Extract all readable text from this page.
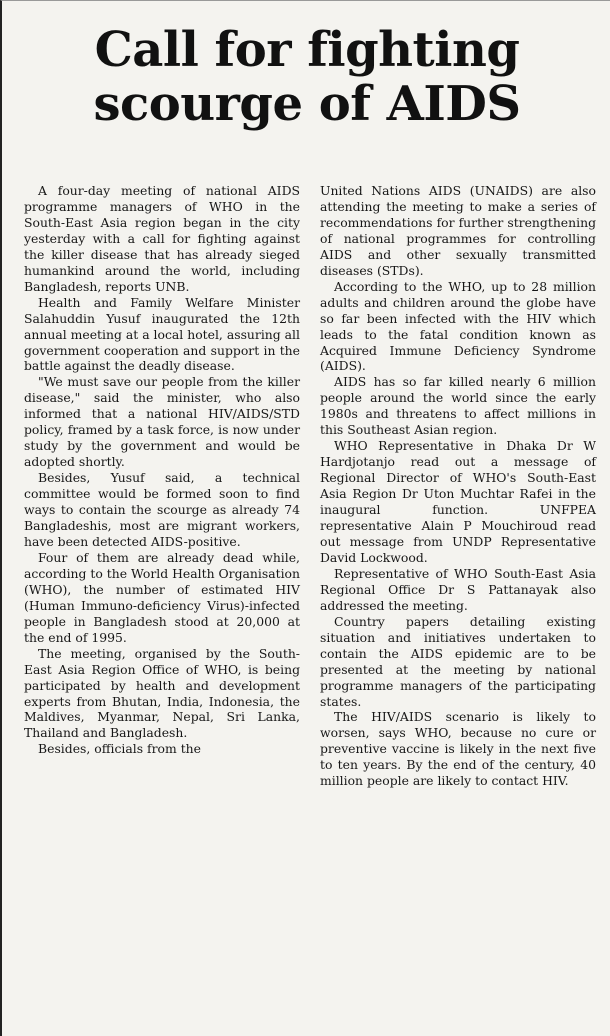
Call for fighting
scourge of AIDS

A four-day meeting of national AIDS programme managers of WHO in the South-East Asia region began in the city yesterday with a call for fighting against the killer disease that has already sieged humankind around the world, including Bangladesh, reports UNB.

Health and Family Welfare Minister Salahuddin Yusuf inaugurated the 12th annual meeting at a local hotel, assuring all government cooperation and support in the battle against the deadly disease.

"We must save our people from the killer disease," said the minister, who also informed that a national HIV/AIDS/STD policy, framed by a task force, is now under study by the government and would be adopted shortly.

Besides, Yusuf said, a technical committee would be formed soon to find ways to contain the scourge as already 74 Bangladeshis, most are migrant workers, have been detected AIDS-positive.

Four of them are already dead while, according to the World Health Organisation (WHO), the number of estimated HIV (Human Immuno-deficiency Virus)-infected people in Bangladesh stood at 20,000 at the end of 1995.

The meeting, organised by the South-East Asia Region Office of WHO, is being participated by health and development experts from Bhutan, India, Indonesia, the Maldives, Myanmar, Nepal, Sri Lanka, Thailand and Bangladesh.

Besides, officials from the

United Nations AIDS (UNAIDS) are also attending the meeting to make a series of recommendations for further strengthening of national programmes for controlling AIDS and other sexually transmitted diseases (STDs).

According to the WHO, up to 28 million adults and children around the globe have so far been infected with the HIV which leads to the fatal condition known as Acquired Immune Deficiency Syndrome (AIDS).

AIDS has so far killed nearly 6 million people around the world since the early 1980s and threatens to affect millions in this Southeast Asian region.

WHO Representative in Dhaka Dr W Hardjotanjo read out a message of Regional Director of WHO's South-East Asia Region Dr Uton Muchtar Rafei in the inaugural function. UNFPEA representative Alain P Mouchiroud read out message from UNDP Representative David Lockwood.

Representative of WHO South-East Asia Regional Office Dr S Pattanayak also addressed the meeting.

Country papers detailing existing situation and initiatives undertaken to contain the AIDS epidemic are to be presented at the meeting by national programme managers of the participating states.

The HIV/AIDS scenario is likely to worsen, says WHO, because no cure or preventive vaccine is likely in the next five to ten years. By the end of the century, 40 million people are likely to contact HIV.
